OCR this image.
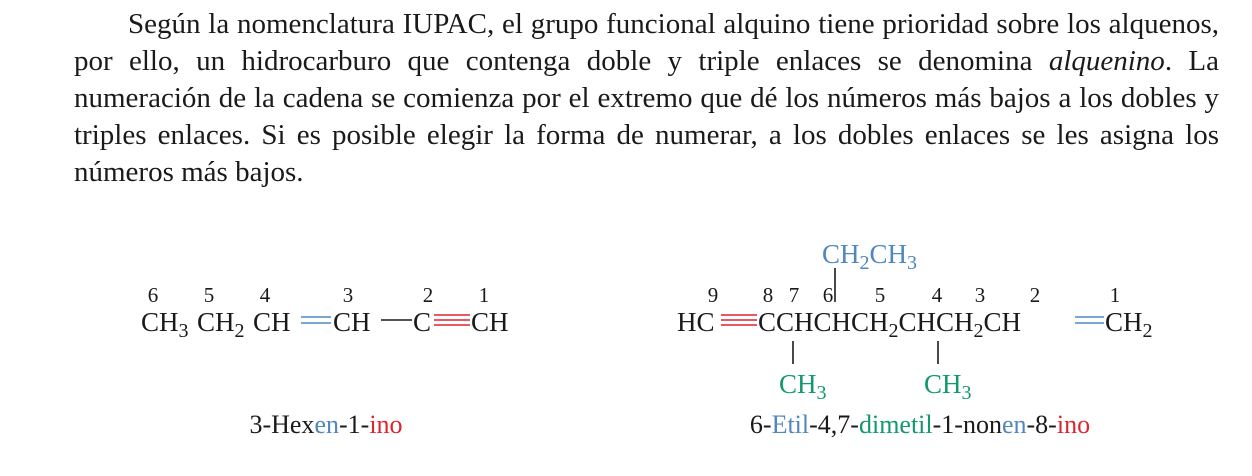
Según la nomenclatura IUPAC, el grupo funcional alquino tiene prioridad sobre los alquenos, por ello, un hidrocarburo que contenga doble y triple enlaces se denomina alquenino. La numeración de la cadena se comienza por el extremo que dé los números más bajos a los dobles y triples enlaces. Si es posible elegir la forma de numerar, a los dobles enlaces se les asigna los números más bajos.

6 5 4	3	2 1
$CH_3$ $CH_2$ CH CH C CH
3-Hexen-1-ino
$CH_2CH_3$
9 8 7 6 5 4 3 2	1
HC $CCHCHCH_2CHCH_2CH$	$CH_2$
$CH_3$	$CH_3$
6-Etil-4,7-dimetil-1-nonen-8-ino
